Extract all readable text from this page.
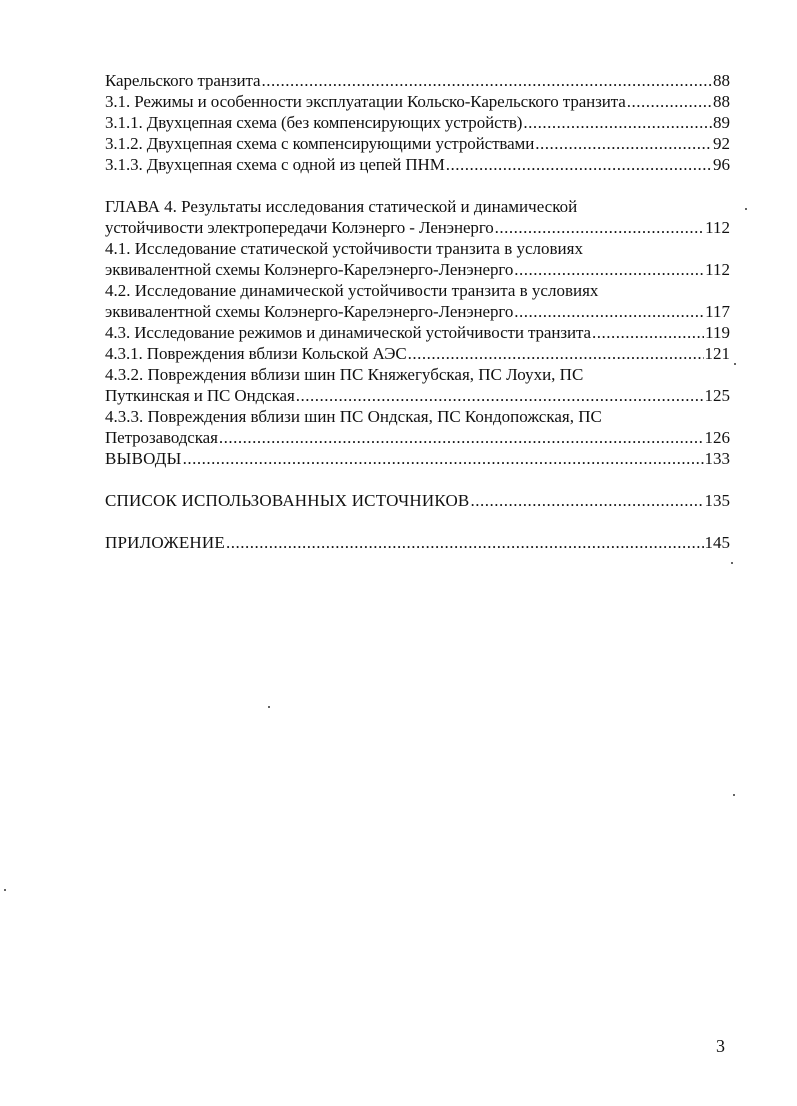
Карельского транзита .....	88
3.1. Режимы и особенности эксплуатации Кольско-Карельского транзита .....	88
3.1.1. Двухцепная схема (без компенсирующих устройств) .....	89
3.1.2. Двухцепная схема с компенсирующими устройствами .....	92
3.1.3. Двухцепная схема с одной из цепей ПНМ .....	96
ГЛАВА 4. Результаты исследования статической и динамической
устойчивости электропередачи Колэнерго - Ленэнерго .....	112
4.1. Исследование статической устойчивости транзита в условиях
эквивалентной схемы Колэнерго-Карелэнерго-Ленэнерго .....	112
4.2. Исследование динамической устойчивости транзита в условиях
эквивалентной схемы Колэнерго-Карелэнерго-Ленэнерго .....	117
4.3. Исследование режимов и динамической устойчивости транзита .....	119
4.3.1. Повреждения вблизи Кольской АЭС .....	121
4.3.2. Повреждения вблизи шин ПС Княжегубская, ПС Лоухи, ПС
Путкинская и ПС Ондская .....	125
4.3.3. Повреждения вблизи шин ПС Ондская, ПС Кондопожская, ПС
Петрозаводская .....	126
ВЫВОДЫ .....	133
СПИСОК ИСПОЛЬЗОВАННЫХ ИСТОЧНИКОВ .....	135
ПРИЛОЖЕНИЕ .....	145
3
